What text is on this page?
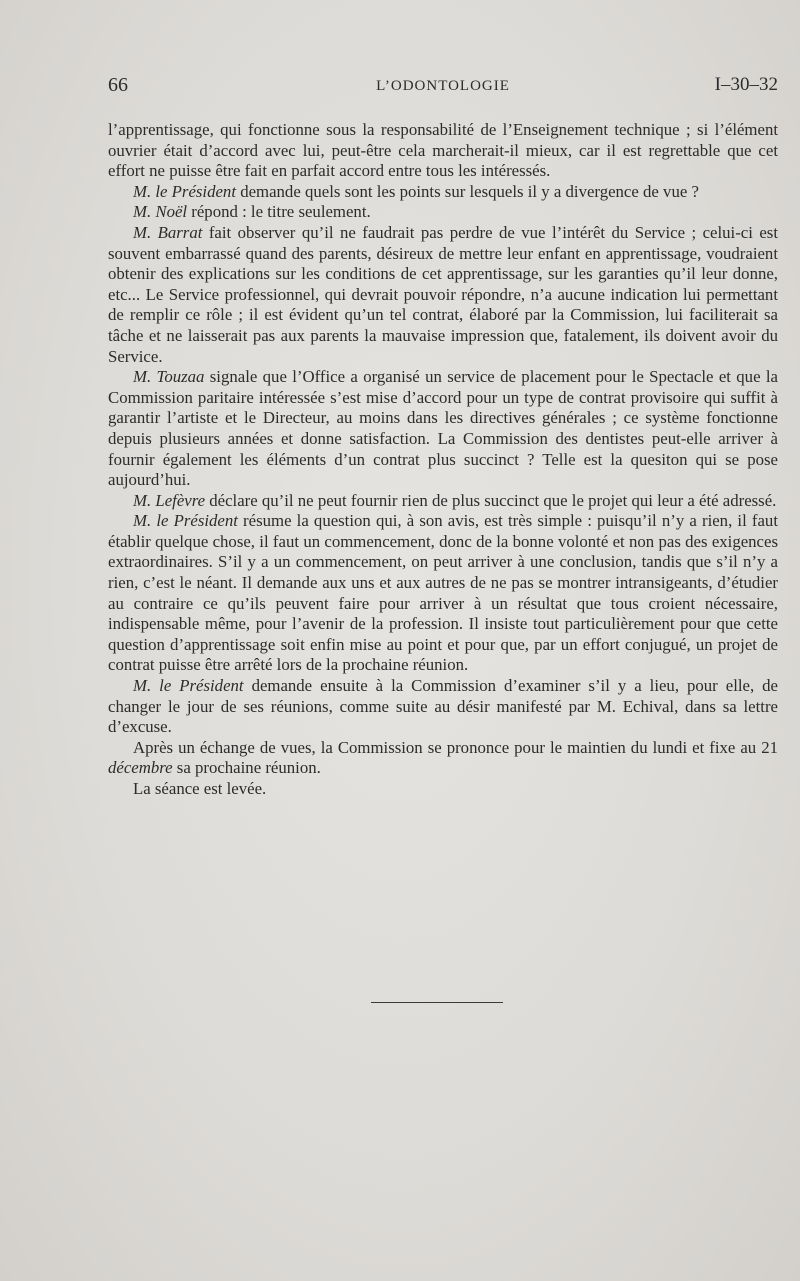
66	L’ODONTOLOGIE	I–30–32

l’apprentissage, qui fonctionne sous la responsabilité de l’Enseignement technique ; si l’élément ouvrier était d’accord avec lui, peut-être cela marcherait-il mieux, car il est regrettable que cet effort ne puisse être fait en parfait accord entre tous les intéressés.

M. le Président demande quels sont les points sur lesquels il y a divergence de vue ?

M. Noël répond : le titre seulement.

M. Barrat fait observer qu’il ne faudrait pas perdre de vue l’intérêt du Service ; celui-ci est souvent embarrassé quand des parents, désireux de mettre leur enfant en apprentissage, voudraient obtenir des explications sur les conditions de cet apprentissage, sur les garanties qu’il leur donne, etc... Le Service professionnel, qui devrait pouvoir répondre, n’a aucune indication lui permettant de remplir ce rôle ; il est évident qu’un tel contrat, élaboré par la Commission, lui faciliterait sa tâche et ne laisserait pas aux parents la mauvaise impression que, fatalement, ils doivent avoir du Service.

M. Touzaa signale que l’Office a organisé un service de placement pour le Spectacle et que la Commission paritaire intéressée s’est mise d’accord pour un type de contrat provisoire qui suffit à garantir l’artiste et le Directeur, au moins dans les directives générales ; ce système fonctionne depuis plusieurs années et donne satisfaction. La Commission des dentistes peut-elle arriver à fournir également les éléments d’un contrat plus succinct ? Telle est la quesiton qui se pose aujourd’hui.

M. Lefèvre déclare qu’il ne peut fournir rien de plus succinct que le projet qui leur a été adressé.

M. le Président résume la question qui, à son avis, est très simple : puisqu’il n’y a rien, il faut établir quelque chose, il faut un commencement, donc de la bonne volonté et non pas des exigences extraordinaires. S’il y a un commencement, on peut arriver à une conclusion, tandis que s’il n’y a rien, c’est le néant. Il demande aux uns et aux autres de ne pas se montrer intransigeants, d’étudier au contraire ce qu’ils peuvent faire pour arriver à un résultat que tous croient nécessaire, indispensable même, pour l’avenir de la profession. Il insiste tout particulièrement pour que cette question d’apprentissage soit enfin mise au point et pour que, par un effort conjugué, un projet de contrat puisse être arrêté lors de la prochaine réunion.

M. le Président demande ensuite à la Commission d’examiner s’il y a lieu, pour elle, de changer le jour de ses réunions, comme suite au désir manifesté par M. Echival, dans sa lettre d’excuse.

Après un échange de vues, la Commission se prononce pour le maintien du lundi et fixe au 21 décembre sa prochaine réunion.

La séance est levée.
